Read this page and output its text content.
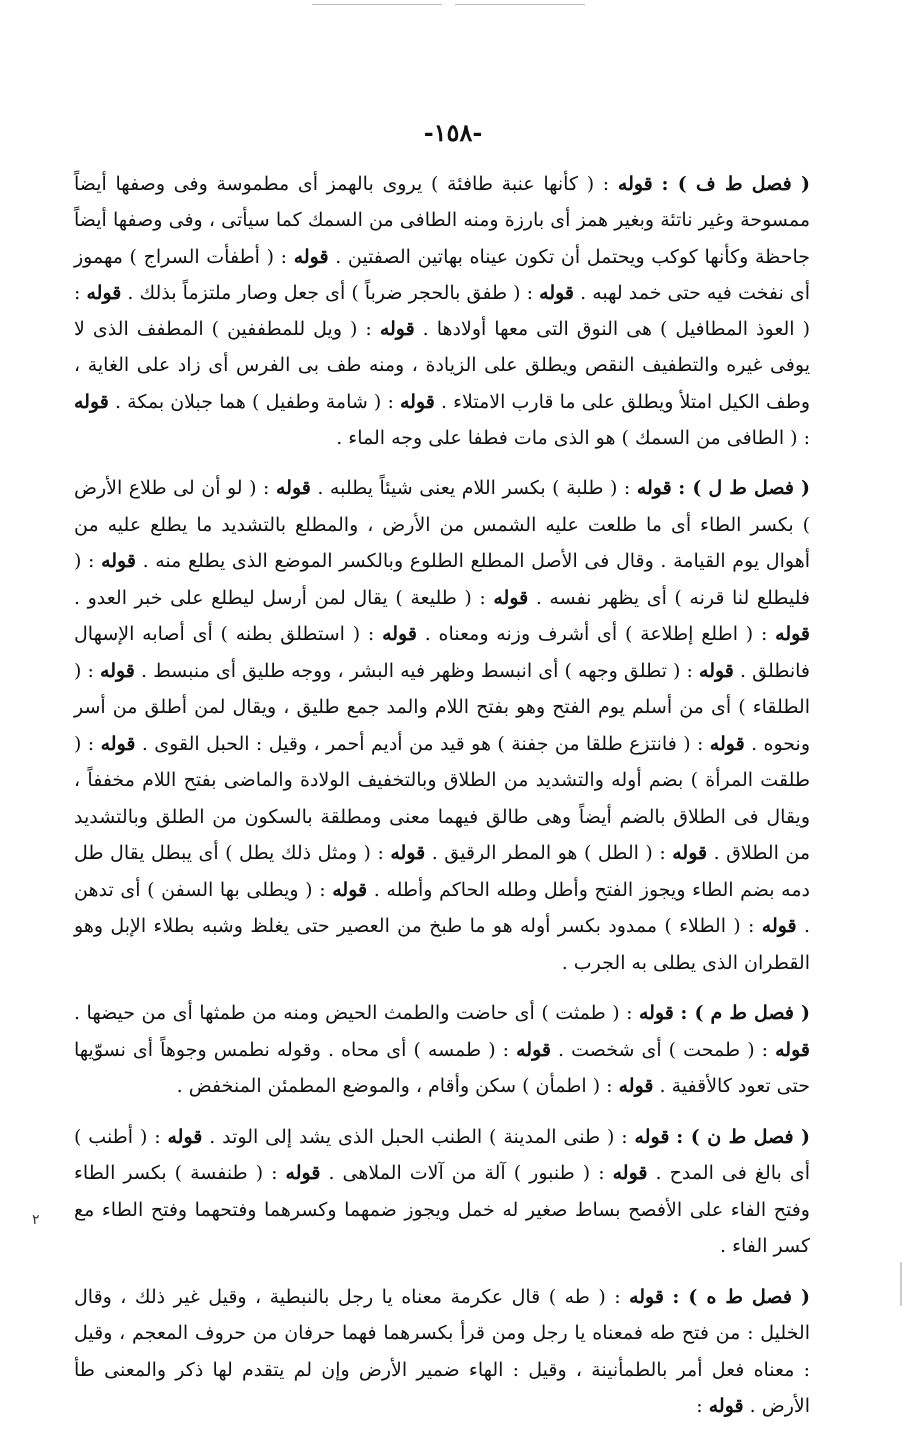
-١٥٨-

( فصل ط ف ) : قوله : ( كأنها عنبة طافئة ) يروى بالهمز أى مطموسة وفى وصفها أيضاً ممسوحة وغير ناتئة وبغير همز أى بارزة ومنه الطافى من السمك كما سيأتى ، وفى وصفها أيضاً جاحظة وكأنها كوكب ويحتمل أن تكون عيناه بهاتين الصفتين . قوله : ( أطفأت السراج ) مهموز أى نفخت فيه حتى خمد لهبه . قوله : ( طفق بالحجر ضرباً ) أى جعل وصار ملتزماً بذلك . قوله : ( العوذ المطافيل ) هى النوق التى معها أولادها . قوله : ( ويل للمطففين ) المطفف الذى لا يوفى غيره والتطفيف النقص ويطلق على الزيادة ، ومنه طف بى الفرس أى زاد على الغاية ، وطف الكيل امتلأ ويطلق على ما قارب الامتلاء . قوله : ( شامة وطفيل ) هما جبلان بمكة . قوله : ( الطافى من السمك ) هو الذى مات فطفا على وجه الماء .

( فصل ط ل ) : قوله : ( طلبة ) بكسر اللام يعنى شيئاً يطلبه . قوله : ( لو أن لى طلاع الأرض ) بكسر الطاء أى ما طلعت عليه الشمس من الأرض ، والمطلع بالتشديد ما يطلع عليه من أهوال يوم القيامة . وقال فى الأصل المطلع الطلوع وبالكسر الموضع الذى يطلع منه . قوله : ( فليطلع لنا قرنه ) أى يظهر نفسه . قوله : ( طليعة ) يقال لمن أرسل ليطلع على خبر العدو . قوله : ( اطلع إطلاعة ) أى أشرف وزنه ومعناه . قوله : ( استطلق بطنه ) أى أصابه الإسهال فانطلق . قوله : ( تطلق وجهه ) أى انبسط وظهر فيه البشر ، ووجه طليق أى منبسط . قوله : ( الطلقاء ) أى من أسلم يوم الفتح وهو بفتح اللام والمد جمع طليق ، ويقال لمن أطلق من أسر ونحوه . قوله : ( فانتزع طلقا من جفنة ) هو قيد من أديم أحمر ، وقيل : الحبل القوى . قوله : ( طلقت المرأة ) بضم أوله والتشديد من الطلاق وبالتخفيف الولادة والماضى بفتح اللام مخففاً ، ويقال فى الطلاق بالضم أيضاً وهى طالق فيهما معنى ومطلقة بالسكون من الطلق وبالتشديد من الطلاق . قوله : ( الطل ) هو المطر الرقيق . قوله : ( ومثل ذلك يطل ) أى يبطل يقال طل دمه بضم الطاء ويجوز الفتح وأطل وطله الحاكم وأطله . قوله : ( ويطلى بها السفن ) أى تدهن . قوله : ( الطلاء ) ممدود بكسر أوله هو ما طبخ من العصير حتى يغلظ وشبه بطلاء الإبل وهو القطران الذى يطلى به الجرب .

( فصل ط م ) : قوله : ( طمثت ) أى حاضت والطمث الحيض ومنه من طمثها أى من حيضها . قوله : ( طمحت ) أى شخصت . قوله : ( طمسه ) أى محاه . وقوله نطمس وجوهاً أى نسوّيها حتى تعود كالأقفية . قوله : ( اطمأن ) سكن وأقام ، والموضع المطمئن المنخفض .

( فصل ط ن ) : قوله : ( طنى المدينة ) الطنب الحبل الذى يشد إلى الوتد . قوله : ( أطنب ) أى بالغ فى المدح . قوله : ( طنبور ) آلة من آلات الملاهى . قوله : ( طنفسة ) بكسر الطاء وفتح الفاء على الأفصح بساط صغير له خمل ويجوز ضمهما وكسرهما وفتحهما وفتح الطاء مع كسر الفاء .

( فصل ط ه ) : قوله : ( طه ) قال عكرمة معناه يا رجل بالنبطية ، وقيل غير ذلك ، وقال الخليل : من فتح طه فمعناه يا رجل ومن قرأ بكسرهما فهما حرفان من حروف المعجم ، وقيل : معناه فعل أمر بالطمأنينة ، وقيل : الهاء ضمير الأرض وإن لم يتقدم لها ذكر والمعنى طأ الأرض . قوله :

٢
